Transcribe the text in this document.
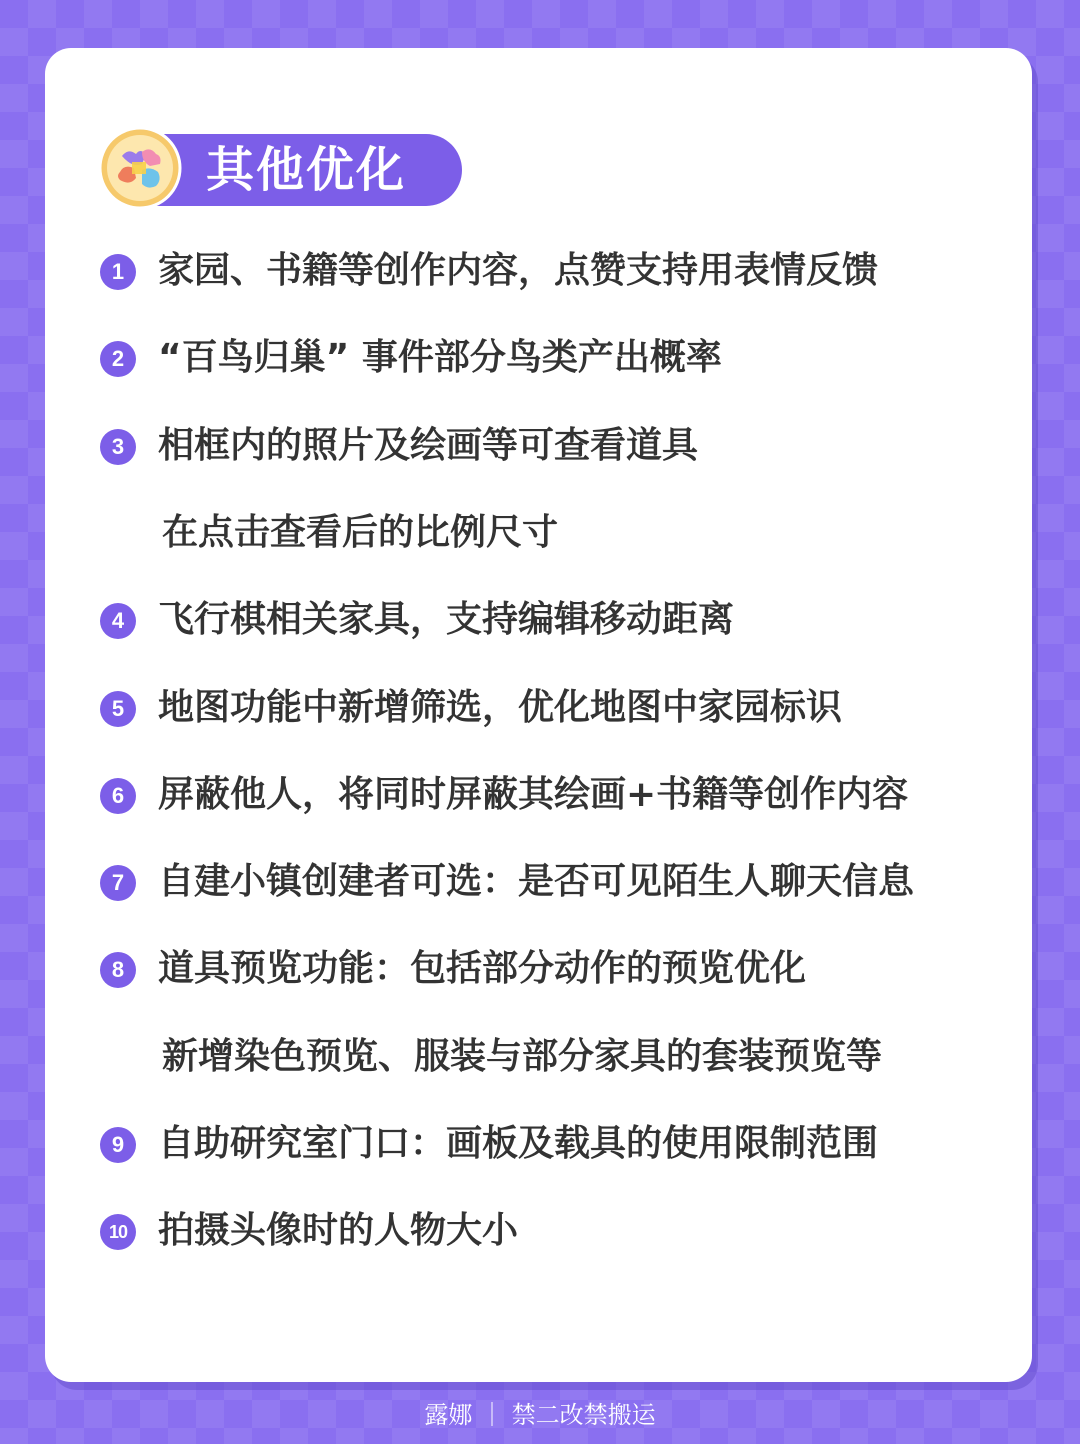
其他优化
1 家园、书籍等创作内容，点赞支持用表情反馈
2 “百鸟归巢” 事件部分鸟类产出概率
3 相框内的照片及绘画等可查看道具
在点击查看后的比例尺寸
4 飞行棋相关家具，支持编辑移动距离
5 地图功能中新增筛选，优化地图中家园标识
6 屏蔽他人，将同时屏蔽其绘画+书籍等创作内容
7 自建小镇创建者可选：是否可见陌生人聊天信息
8 道具预览功能：包括部分动作的预览优化
新增染色预览、服装与部分家具的套装预览等
9 自助研究室门口：画板及载具的使用限制范围
10 拍摄头像时的人物大小
露娜 ｜ 禁二改禁搬运
